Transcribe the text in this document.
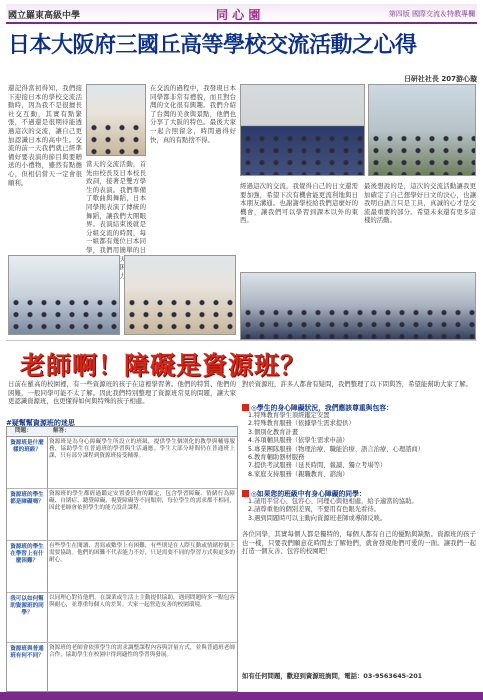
國立羅東高級中學	同 心 園	第四版 國際交流＆特教專欄
日本大阪府三國丘高等學校交流活動之心得
日研社社長 207游心璇
還記得當初得知，我們接下迎接日本的學校交流活動時，因為我不是很擅長社交互動，其實有點緊張，不過還是很期待能透過這次的交流，讓自己更加認識日本的高中生。交流的前一天我們就已經準備好要表演的節目與要贈送的小禮物，雖然有點擔心，但相信當天一定會很順利。
當天的交流活動，首先由校長及日本校長致詞，接著是雙方學生的表演。我們準備了歌曲與舞蹈，日本同學則表演了傳統的舞蹈，讓我們大開眼界。表演結束後就是分組交流的時間，每一組都有幾位日本同學，我們用簡單的日 天 困 力
在交流的過程中，我發現日本同學都非常有禮貌，而且對台灣的文化很有興趣。我們介紹了台灣的美食與景點，他們也分享了大阪的特色。最後大家一起合照留念，時間過得好快，真的有點捨不得。
經過這次的交流，我覺得自己的日文還需要加強，希望下次有機會能更流利地與日本朋友溝通。也謝謝學校給我們這麼好的機會，讓我們可以學習到課本以外的東西。
最後想說的是，這次的交流活動讓我更加確定了自己想學好日文的決心，也讓我明白語言只是工具，真誠的心才是交流最重要的部分。希望未來還有更多這樣的活動。
老師啊！障礙是資源班？
日前在羅高的校園裡，有一些資源班的孩子在這裡學習著。他們的特質、他們的困難，一般同學可能不太了解。因此我們特別整理了資源班常見的問題，讓大家更認識資源班，也更懂得如何與特殊的孩子相處。
對於資源班，許多人都會有疑問，我們整理了以下問與答，希望能幫助大家了解。
#疑幫幫資源班的迷思
問題：	解答：
資源班是什麼樣的班級？
資源班是為身心障礙學生所設立的班級，提供學生個別化的教學與輔導服務，協助學生在普通班的學習與生活適應。學生大部分時間仍在普通班上課，只有部分課程到資源班接受輔導。
資源班的學生都是障礙嗎？
資源班的學生都經過鑑定安置委員會的鑑定，包含學習障礙、情緒行為障礙、自閉症、聽覺障礙、視覺障礙等不同類別，每位學生的需求都不相同，因此老師會依照學生的能力設計課程。
資源班的學生在學習上有什麼困難？
有些學生在閱讀、書寫或數學上有困難，有些則是在人際互動或情緒控制上需要協助。他們的困難不代表能力不好，只是需要不同的學習方式與更多的耐心。
我可以如何幫助資源班的同學？
以同理心對待他們，在課業或生活上主動提供協助，遇到問題時多一點包容與耐心，並尊重每個人的差異。大家一起營造友善的校園環境。
資源班與普通班有何不同？
資源班的老師會依照學生的需求調整課程內容與評量方式，並與普通班老師合作，協助學生在校園中得到適性的學習與發展。
◎學生的身心障礙狀況，我們應該尊重與包容：
1.特殊教育學生須經鑑定安置
2.特殊教育服務（依據學生需求提供）
3.個別化教育計畫
4.各項輔具服務（依學生需求申請）
5.專業團隊服務（物理治療、職能治療、語言治療、心理諮商）
6.教育輔助器材服務
7.提供考試服務（延長時間、報讀、獨立考場等）
8.家庭支持服務（親職教育、諮詢）
◎如果您的班級中有身心障礙的同學：
1.請用平常心、包容心、同理心與他相處，給予適當的協助。
2.請尊重他的個別差異，不要用有色眼光看待。
3.遇到問題時可以主動向資源班老師或導師反映。
各位同學，其實每個人都是獨特的，每個人都有自己的優點與缺點。資源班的孩子也一樣，只要我們願意花時間去了解他們，就會發現他們可愛的一面。讓我們一起打造一個友善、包容的校園吧！
如有任何問題，歡迎到資源班詢問，電話：03-9563645-201
